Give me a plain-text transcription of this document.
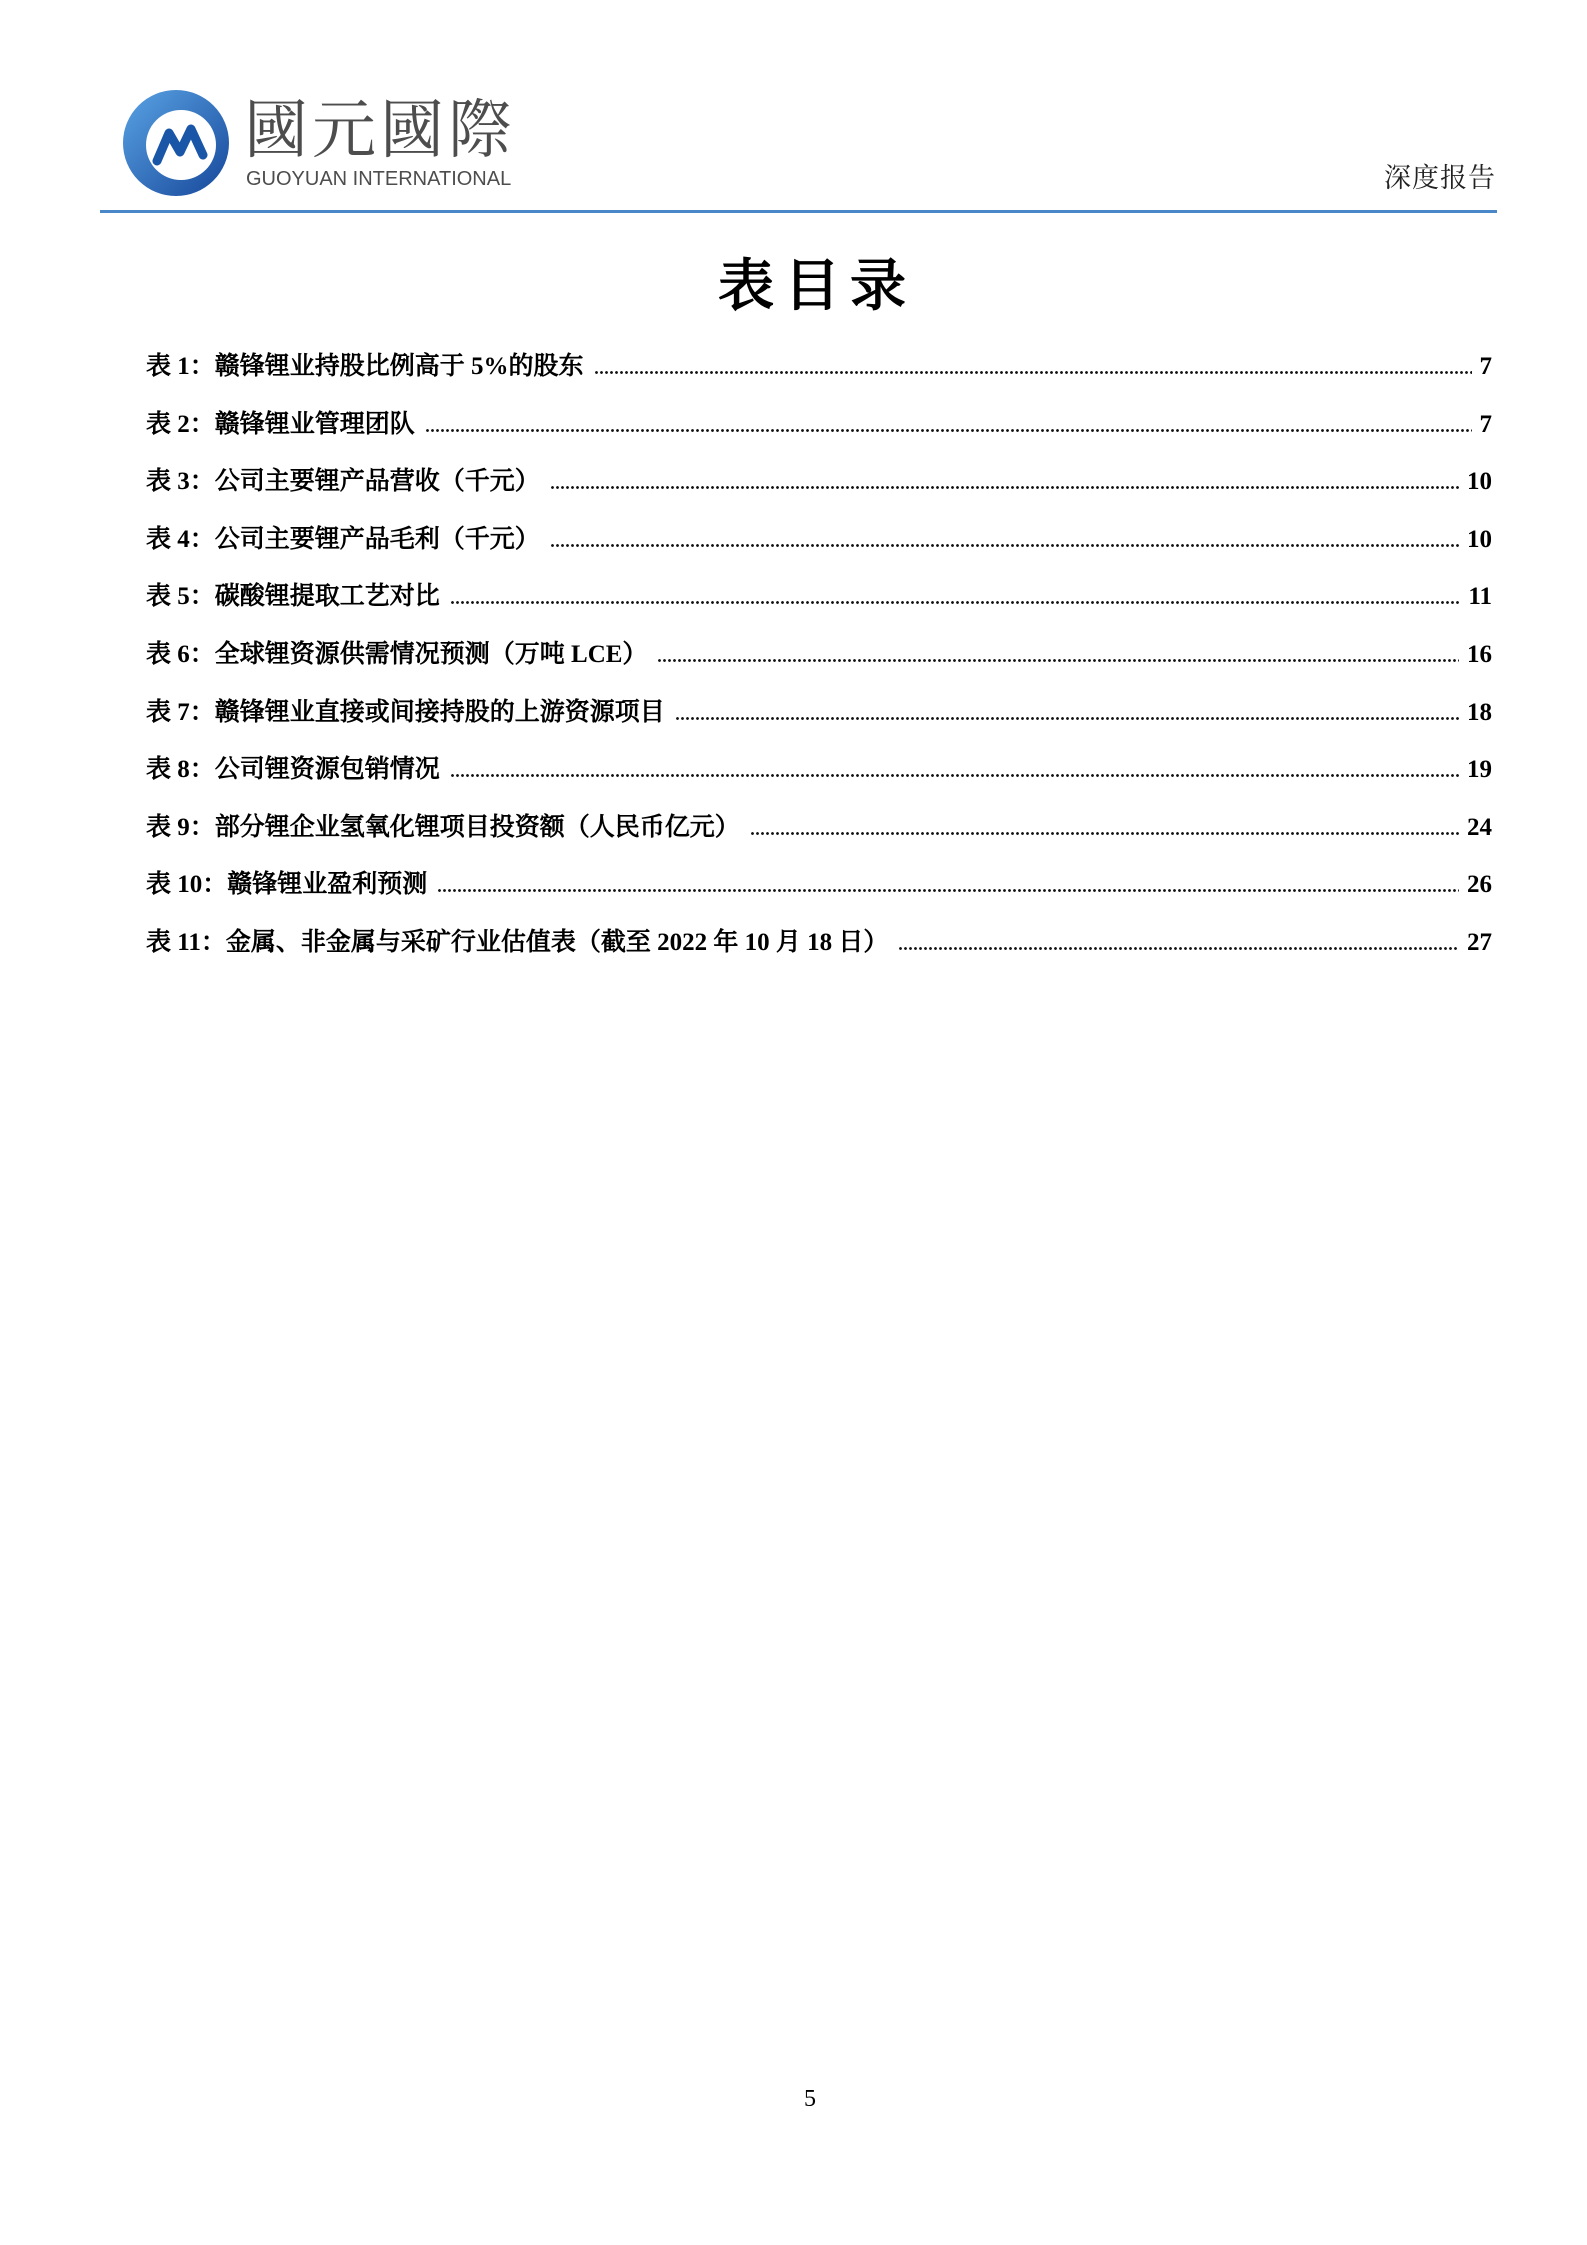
國元國際
GUOYUAN INTERNATIONAL	深度报告
表目录
表 1： 赣锋锂业持股比例高于 5%的股东	7
表 2： 赣锋锂业管理团队	7
表 3： 公司主要锂产品营收（千元）	10
表 4： 公司主要锂产品毛利（千元）	10
表 5： 碳酸锂提取工艺对比	11
表 6： 全球锂资源供需情况预测（万吨 LCE）	16
表 7： 赣锋锂业直接或间接持股的上游资源项目	18
表 8： 公司锂资源包销情况	19
表 9： 部分锂企业氢氧化锂项目投资额（人民币亿元）	24
表 10： 赣锋锂业盈利预测	26
表 11： 金属、非金属与采矿行业估值表（截至 2022 年 10 月 18 日）	27
5
